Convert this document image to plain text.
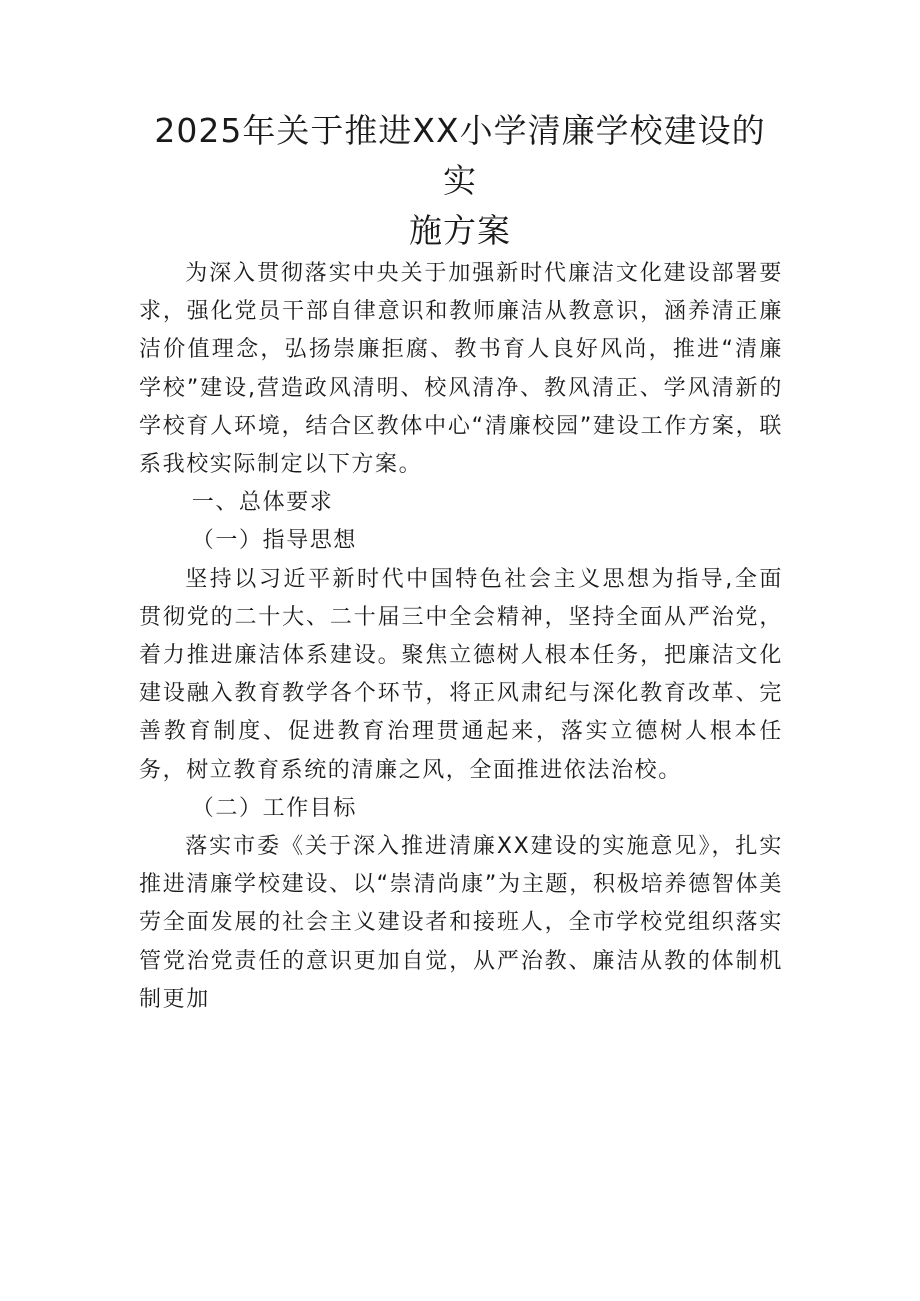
2025年关于推进XX小学清廉学校建设的实
施方案

为深入贯彻落实中央关于加强新时代廉洁文化建设部署要求，强化党员干部自律意识和教师廉洁从教意识，涵养清正廉洁价值理念，弘扬崇廉拒腐、教书育人良好风尚，推进“清廉学校”建设,营造政风清明、校风清净、教风清正、学风清新的学校育人环境，结合区教体中心“清廉校园”建设工作方案，联系我校实际制定以下方案。

一、总体要求

（一）指导思想

坚持以习近平新时代中国特色社会主义思想为指导,全面贯彻党的二十大、二十届三中全会精神，坚持全面从严治党，着力推进廉洁体系建设。聚焦立德树人根本任务，把廉洁文化建设融入教育教学各个环节，将正风肃纪与深化教育改革、完善教育制度、促进教育治理贯通起来，落实立德树人根本任务，树立教育系统的清廉之风，全面推进依法治校。

（二）工作目标

落实市委《关于深入推进清廉XX建设的实施意见》，扎实推进清廉学校建设、以“崇清尚康”为主题，积极培养德智体美劳全面发展的社会主义建设者和接班人，全市学校党组织落实管党治党责任的意识更加自觉，从严治教、廉洁从教的体制机制更加
